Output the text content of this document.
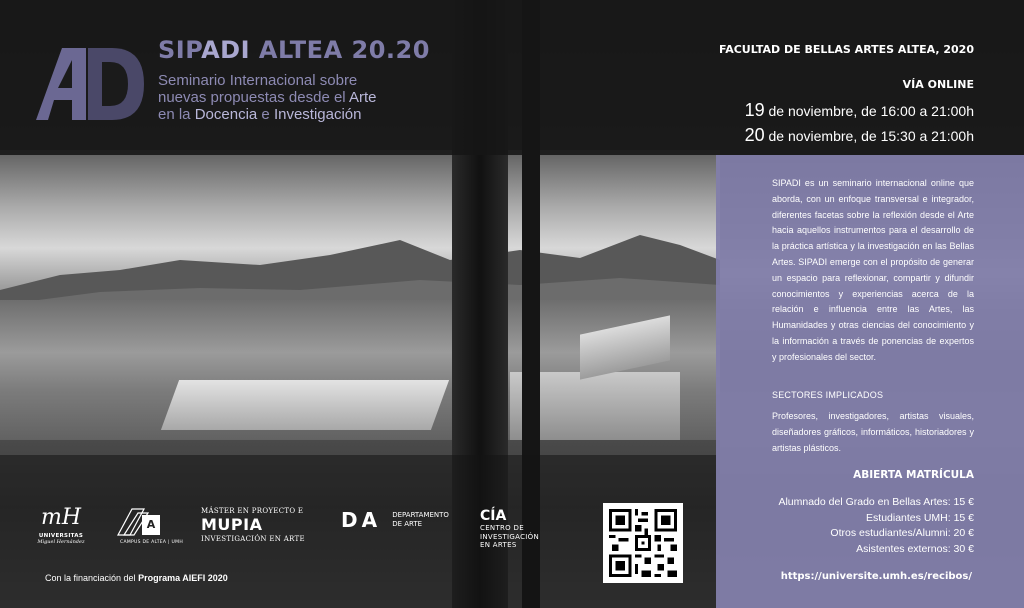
SIPADI ALTEA 20.20
Seminario Internacional sobre
nuevas propuestas desde el Arte
en la Docencia e Investigación
FACULTAD DE BELLAS ARTES ALTEA, 2020
VÍA ONLINE
19 de noviembre, de 16:00 a 21:00h
20 de noviembre, de 15:30 a 21:00h
SIPADI es un seminario internacional online que aborda, con un enfoque transversal e integrador, diferentes facetas sobre la reflexión desde el Arte hacia aquellos instrumentos para el desarrollo de la práctica artística y la investigación en las Bellas Artes. SIPADI emerge con el propósito de generar un espacio para reflexionar, compartir y difundir conocimientos y experiencias acerca de la relación e influencia entre las Artes, las Humanidades y otras ciencias del conocimiento y la información a través de ponencias de expertos y profesionales del sector.
SECTORES IMPLICADOS
Profesores, investigadores, artistas visuales, diseñadores gráficos, informáticos, historiadores y artistas plásticos.
ABIERTA MATRÍCULA
Alumnado del Grado en Bellas Artes: 15 €
Estudiantes UMH: 15 €
Otros estudiantes/Alumni: 20 €
Asistentes externos: 30 €
https://universite.umh.es/recibos/
mH
UNIVERSITAS
Miguel Hernández
A
CAMPUS DE ALTEA | UMH
MÁSTER EN PROYECTO E
MUPIA
INVESTIGACIÓN EN ARTE
DA DEPARTAMENTO
DE ARTE	CÍA
CENTRO DE
INVESTIGACIÓN
EN ARTES
Con la financiación del Programa AIEFI 2020
